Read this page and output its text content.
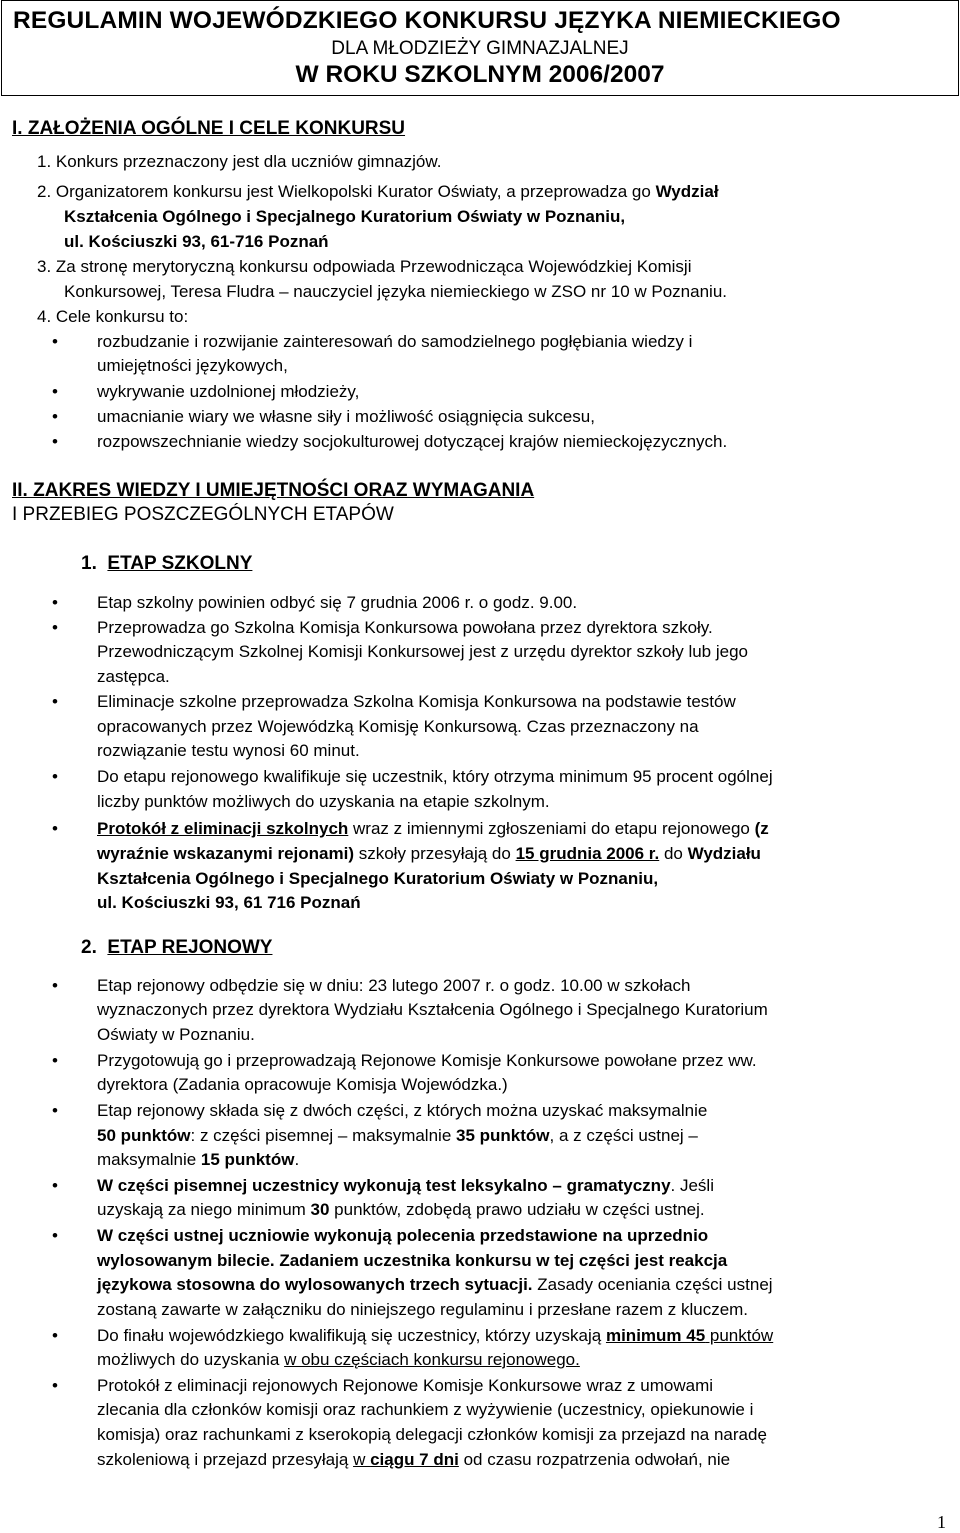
REGULAMIN WOJEWÓDZKIEGO KONKURSU JĘZYKA NIEMIECKIEGO
DLA MŁODZIEŻY GIMNAZJALNEJ
W ROKU SZKOLNYM 2006/2007
I. ZAŁOŻENIA OGÓLNE I CELE KONKURSU
1. Konkurs przeznaczony jest dla uczniów gimnazjów.
2. Organizatorem konkursu jest Wielkopolski Kurator Oświaty, a przeprowadza go Wydział
Kształcenia Ogólnego i Specjalnego Kuratorium Oświaty w Poznaniu,
ul. Kościuszki 93, 61-716 Poznań
3. Za stronę merytoryczną konkursu odpowiada Przewodnicząca Wojewódzkiej Komisji
Konkursowej, Teresa Fludra – nauczyciel języka niemieckiego w ZSO nr 10 w Poznaniu.
4. Cele konkursu to:
• rozbudzanie i rozwijanie zainteresowań do samodzielnego pogłębiania wiedzy i
umiejętności językowych,
• wykrywanie uzdolnionej młodzieży,
• umacnianie wiary we własne siły i możliwość osiągnięcia sukcesu,
• rozpowszechnianie wiedzy socjokulturowej dotyczącej krajów niemieckojęzycznych.
II. ZAKRES WIEDZY I UMIEJĘTNOŚCI ORAZ WYMAGANIA
I PRZEBIEG POSZCZEGÓLNYCH ETAPÓW
1. ETAP SZKOLNY
• Etap szkolny powinien odbyć się 7 grudnia 2006 r. o godz. 9.00.
• Przeprowadza go Szkolna Komisja Konkursowa powołana przez dyrektora szkoły.
Przewodniczącym Szkolnej Komisji Konkursowej jest z urzędu dyrektor szkoły lub jego
zastępca.
• Eliminacje szkolne przeprowadza Szkolna Komisja Konkursowa na podstawie testów
opracowanych przez Wojewódzką Komisję Konkursową. Czas przeznaczony na
rozwiązanie testu wynosi 60 minut.
• Do etapu rejonowego kwalifikuje się uczestnik, który otrzyma minimum 95 procent ogólnej
liczby punktów możliwych do uzyskania na etapie szkolnym.
• Protokół z eliminacji szkolnych wraz z imiennymi zgłoszeniami do etapu rejonowego (z
wyraźnie wskazanymi rejonami) szkoły przesyłają do 15 grudnia 2006 r. do Wydziału
Kształcenia Ogólnego i Specjalnego Kuratorium Oświaty w Poznaniu,
ul. Kościuszki 93, 61 716 Poznań
2. ETAP REJONOWY
• Etap rejonowy odbędzie się w dniu: 23 lutego 2007 r. o godz. 10.00 w szkołach
wyznaczonych przez dyrektora Wydziału Kształcenia Ogólnego i Specjalnego Kuratorium
Oświaty w Poznaniu.
• Przygotowują go i przeprowadzają Rejonowe Komisje Konkursowe powołane przez ww.
dyrektora (Zadania opracowuje Komisja Wojewódzka.)
• Etap rejonowy składa się z dwóch części, z których można uzyskać maksymalnie
50 punktów: z części pisemnej – maksymalnie 35 punktów, a z części ustnej –
maksymalnie 15 punktów.
• W części pisemnej uczestnicy wykonują test leksykalno – gramatyczny. Jeśli
uzyskają za niego minimum 30 punktów, zdobędą prawo udziału w części ustnej.
• W części ustnej uczniowie wykonują polecenia przedstawione na uprzednio
wylosowanym bilecie. Zadaniem uczestnika konkursu w tej części jest reakcja
językowa stosowna do wylosowanych trzech sytuacji. Zasady oceniania części ustnej
zostaną zawarte w załączniku do niniejszego regulaminu i przesłane razem z kluczem.
• Do finału wojewódzkiego kwalifikują się uczestnicy, którzy uzyskają minimum 45 punktów
możliwych do uzyskania w obu częściach konkursu rejonowego.
• Protokół z eliminacji rejonowych Rejonowe Komisje Konkursowe wraz z umowami
zlecania dla członków komisji oraz rachunkiem z wyżywienie (uczestnicy, opiekunowie i
komisja) oraz rachunkami z kserokopią delegacji członków komisji za przejazd na naradę
szkoleniową i przejazd przesyłają w ciągu 7 dni od czasu rozpatrzenia odwołań, nie
1
